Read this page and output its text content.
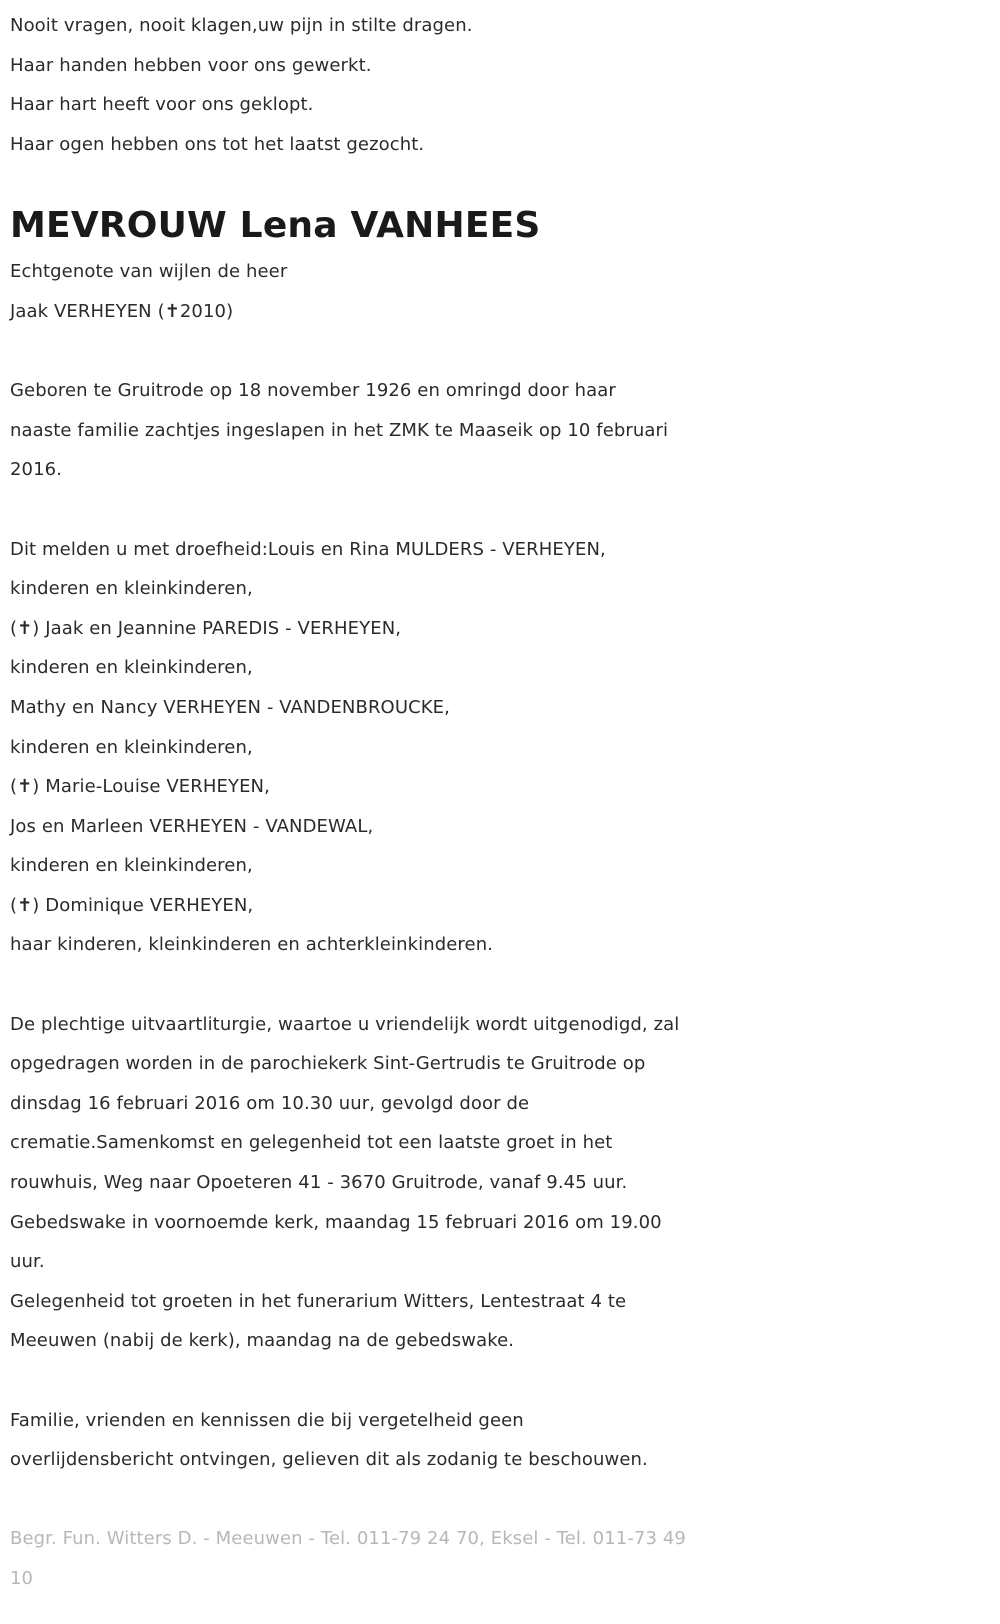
Nooit vragen, nooit klagen,uw pijn in stilte dragen.
Haar handen hebben voor ons gewerkt.
Haar hart heeft voor ons geklopt.
Haar ogen hebben ons tot het laatst gezocht.
MEVROUW Lena VANHEES
Echtgenote van wijlen de heer
Jaak VERHEYEN (✝2010)
Geboren te Gruitrode op 18 november 1926 en omringd door haar
naaste familie zachtjes ingeslapen in het ZMK te Maaseik op 10 februari
2016.
Dit melden u met droefheid:Louis en Rina MULDERS - VERHEYEN,
kinderen en kleinkinderen,
(✝) Jaak en Jeannine PAREDIS - VERHEYEN,
kinderen en kleinkinderen,
Mathy en Nancy VERHEYEN - VANDENBROUCKE,
kinderen en kleinkinderen,
(✝) Marie-Louise VERHEYEN,
Jos en Marleen VERHEYEN - VANDEWAL,
kinderen en kleinkinderen,
(✝) Dominique VERHEYEN,
haar kinderen, kleinkinderen en achterkleinkinderen.
De plechtige uitvaartliturgie, waartoe u vriendelijk wordt uitgenodigd, zal
opgedragen worden in de parochiekerk Sint-Gertrudis te Gruitrode op
dinsdag 16 februari 2016 om 10.30 uur, gevolgd door de
crematie.Samenkomst en gelegenheid tot een laatste groet in het
rouwhuis, Weg naar Opoeteren 41 - 3670 Gruitrode, vanaf 9.45 uur.
Gebedswake in voornoemde kerk, maandag 15 februari 2016 om 19.00
uur.
Gelegenheid tot groeten in het funerarium Witters, Lentestraat 4 te
Meeuwen (nabij de kerk), maandag na de gebedswake.
Familie, vrienden en kennissen die bij vergetelheid geen
overlijdensbericht ontvingen, gelieven dit als zodanig te beschouwen.
Begr. Fun. Witters D. - Meeuwen - Tel. 011-79 24 70, Eksel - Tel. 011-73 49
10
